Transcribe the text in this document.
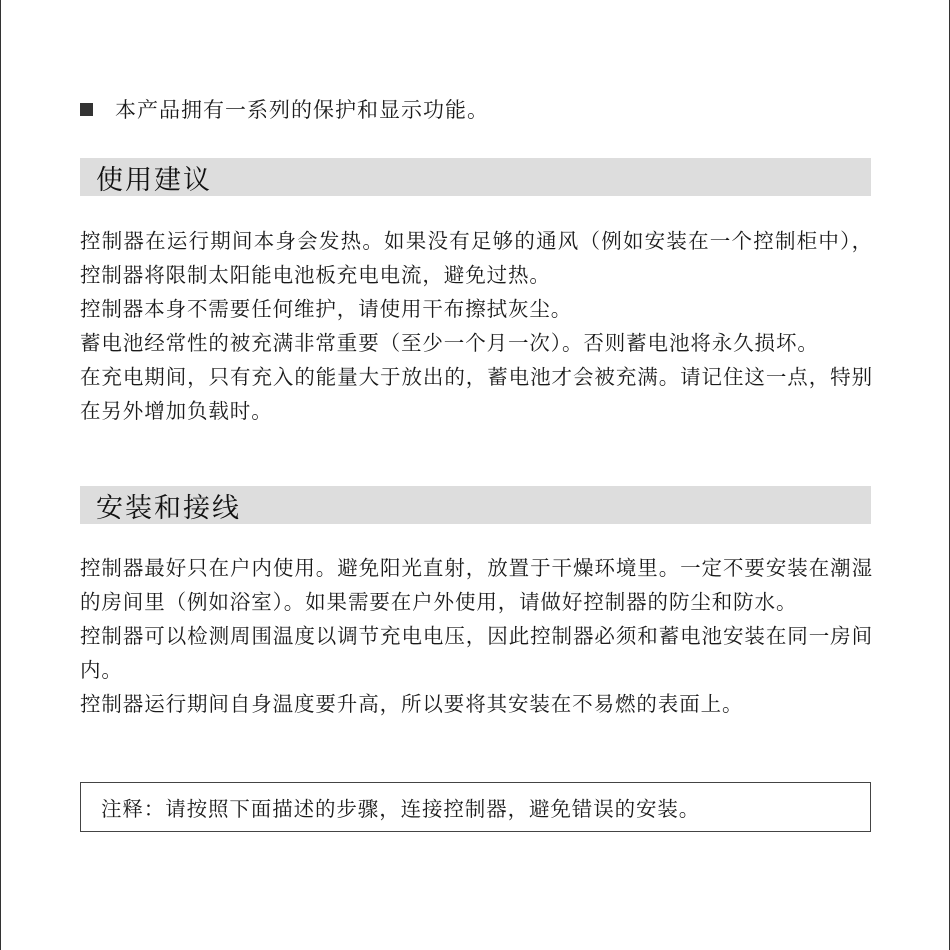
本产品拥有一系列的保护和显示功能。
使用建议

控制器在运行期间本身会发热。如果没有足够的通风（例如安装在一个控制柜中），控制器将限制太阳能电池板充电电流，避免过热。

控制器本身不需要任何维护，请使用干布擦拭灰尘。

蓄电池经常性的被充满非常重要（至少一个月一次）。否则蓄电池将永久损坏。

在充电期间，只有充入的能量大于放出的，蓄电池才会被充满。请记住这一点，特别在另外增加负载时。

安装和接线

控制器最好只在户内使用。避免阳光直射，放置于干燥环境里。一定不要安装在潮湿的房间里（例如浴室）。如果需要在户外使用，请做好控制器的防尘和防水。

控制器可以检测周围温度以调节充电电压，因此控制器必须和蓄电池安装在同一房间内。

控制器运行期间自身温度要升高，所以要将其安装在不易燃的表面上。

注释：请按照下面描述的步骤，连接控制器，避免错误的安装。
